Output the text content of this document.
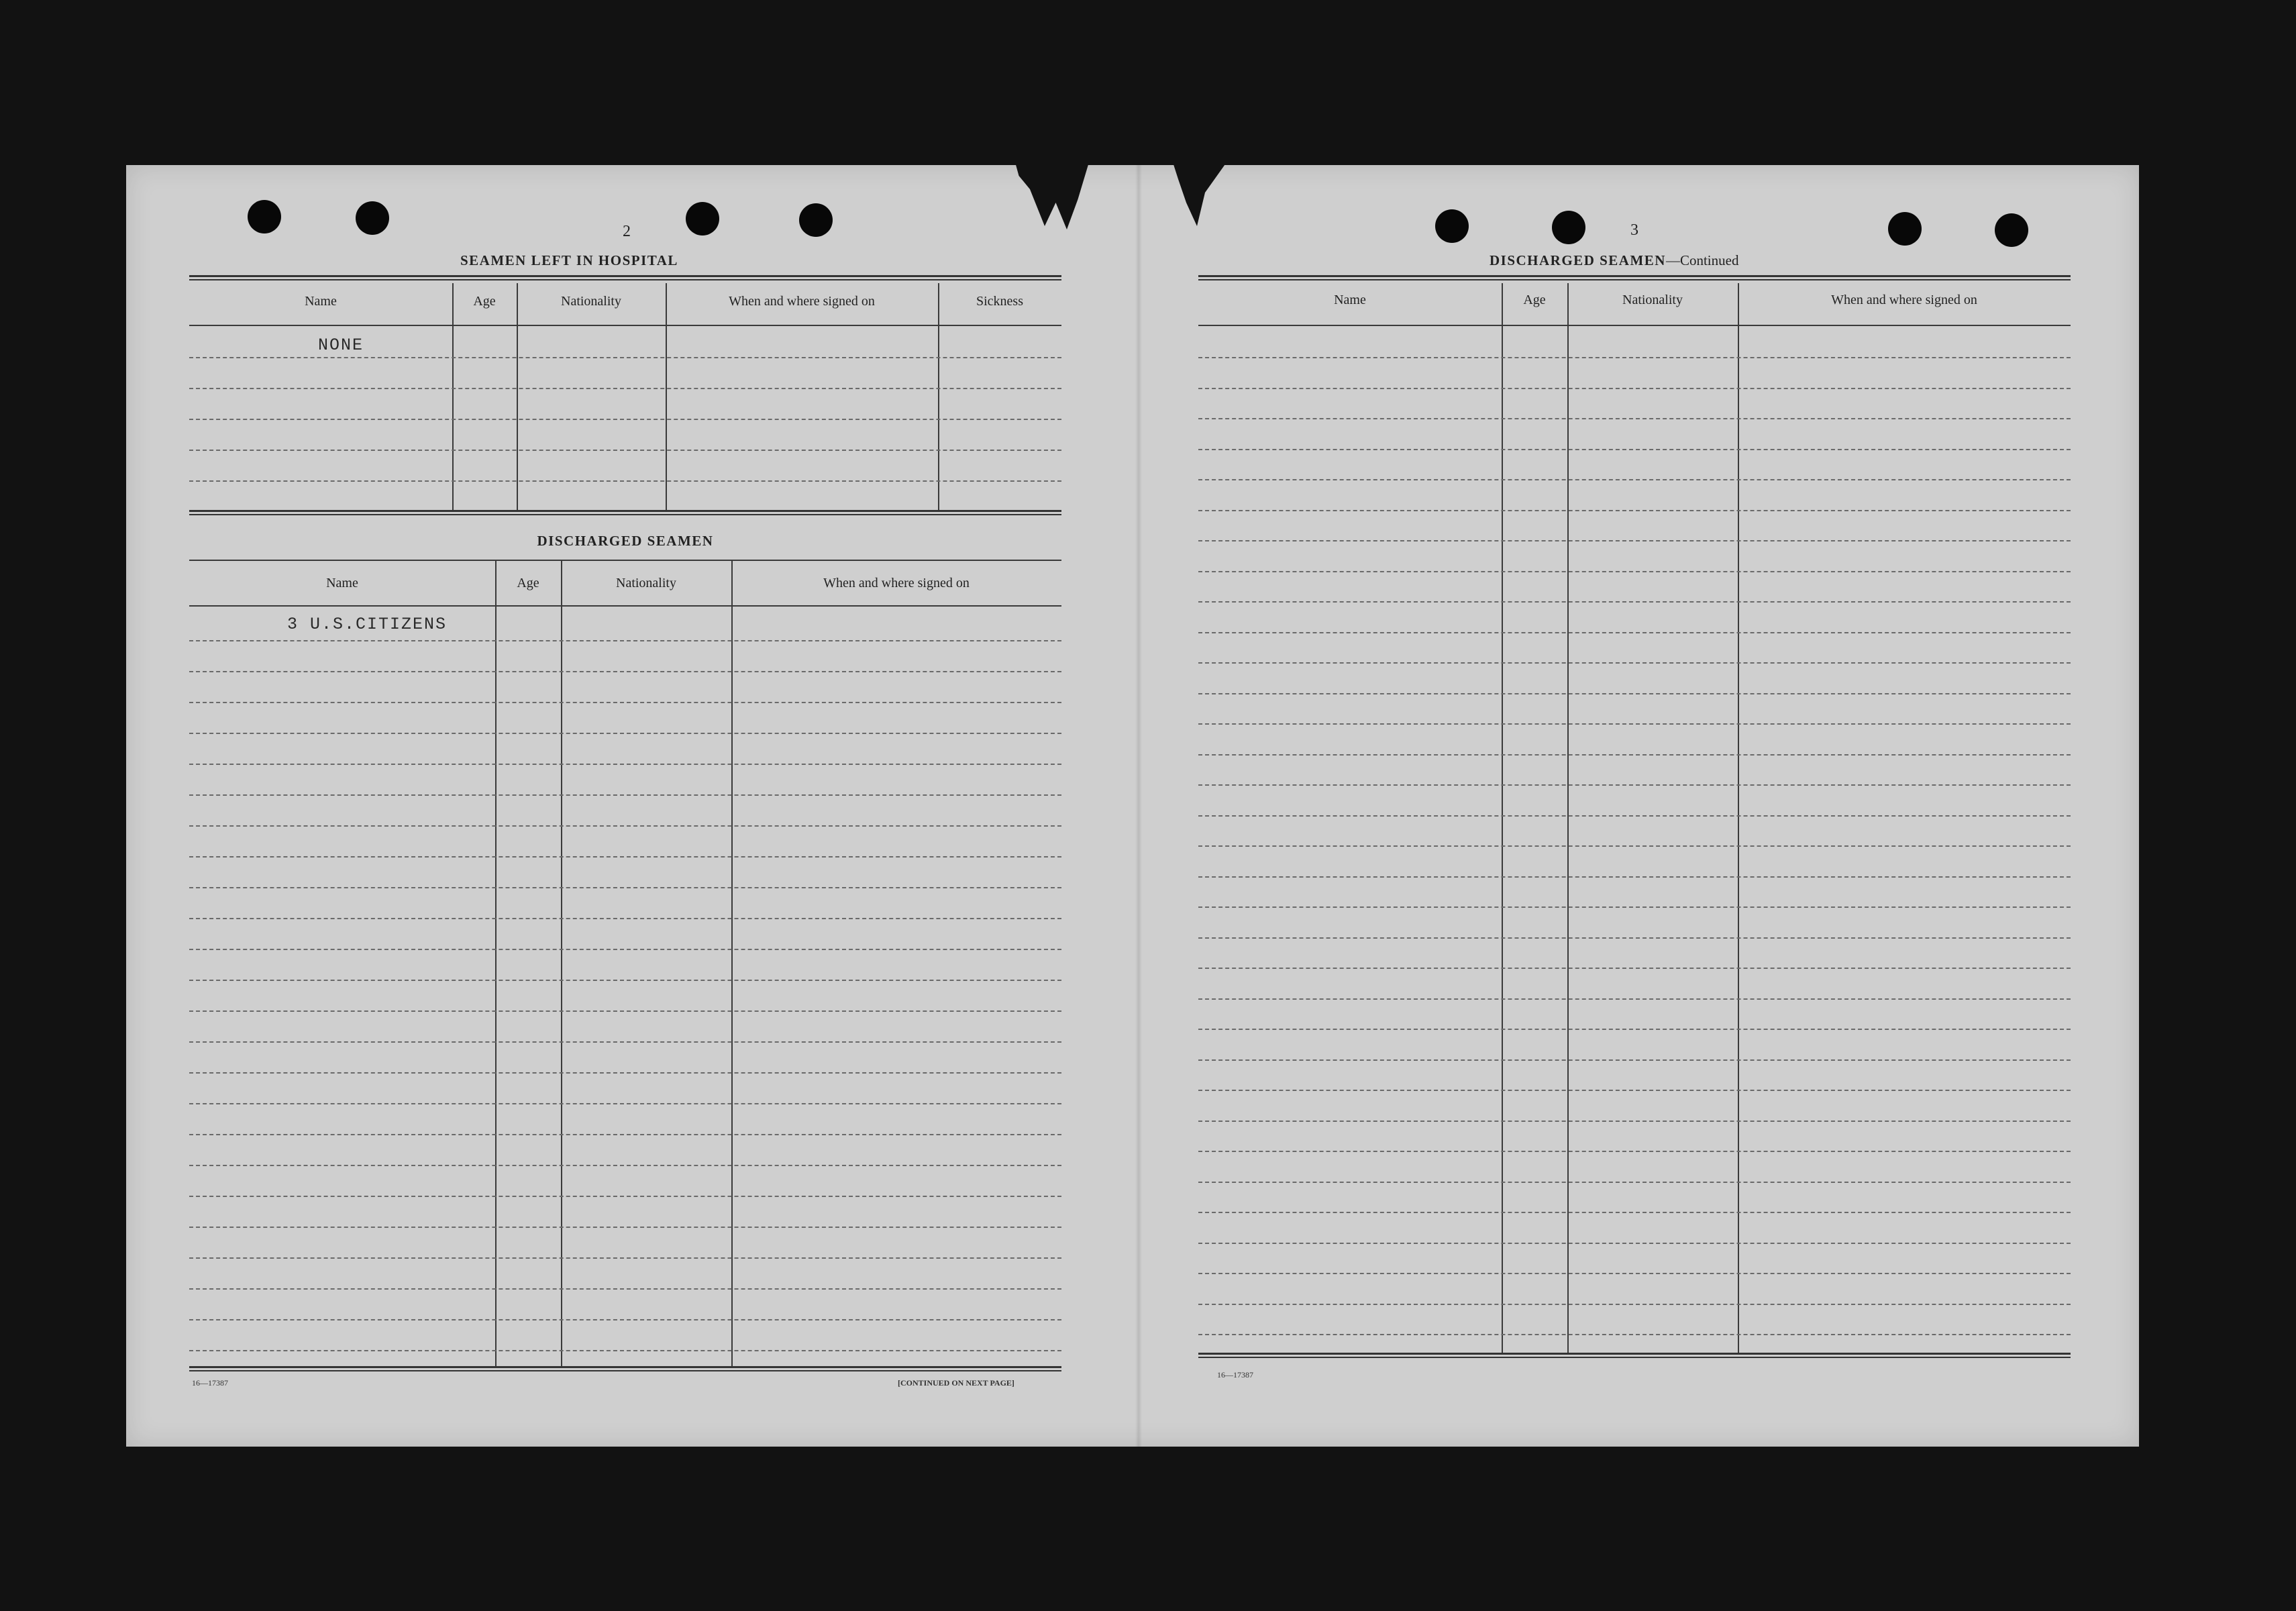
2
SEAMEN LEFT IN HOSPITAL
Name	Age	Nationality	When and where signed on	Sickness
NONE
DISCHARGED SEAMEN
Name	Age	Nationality	When and where signed on
3 U.S.CITIZENS
16—17387	[CONTINUED ON NEXT PAGE]
3
DISCHARGED SEAMEN—Continued
Name	Age	Nationality	When and where signed on
16—17387
